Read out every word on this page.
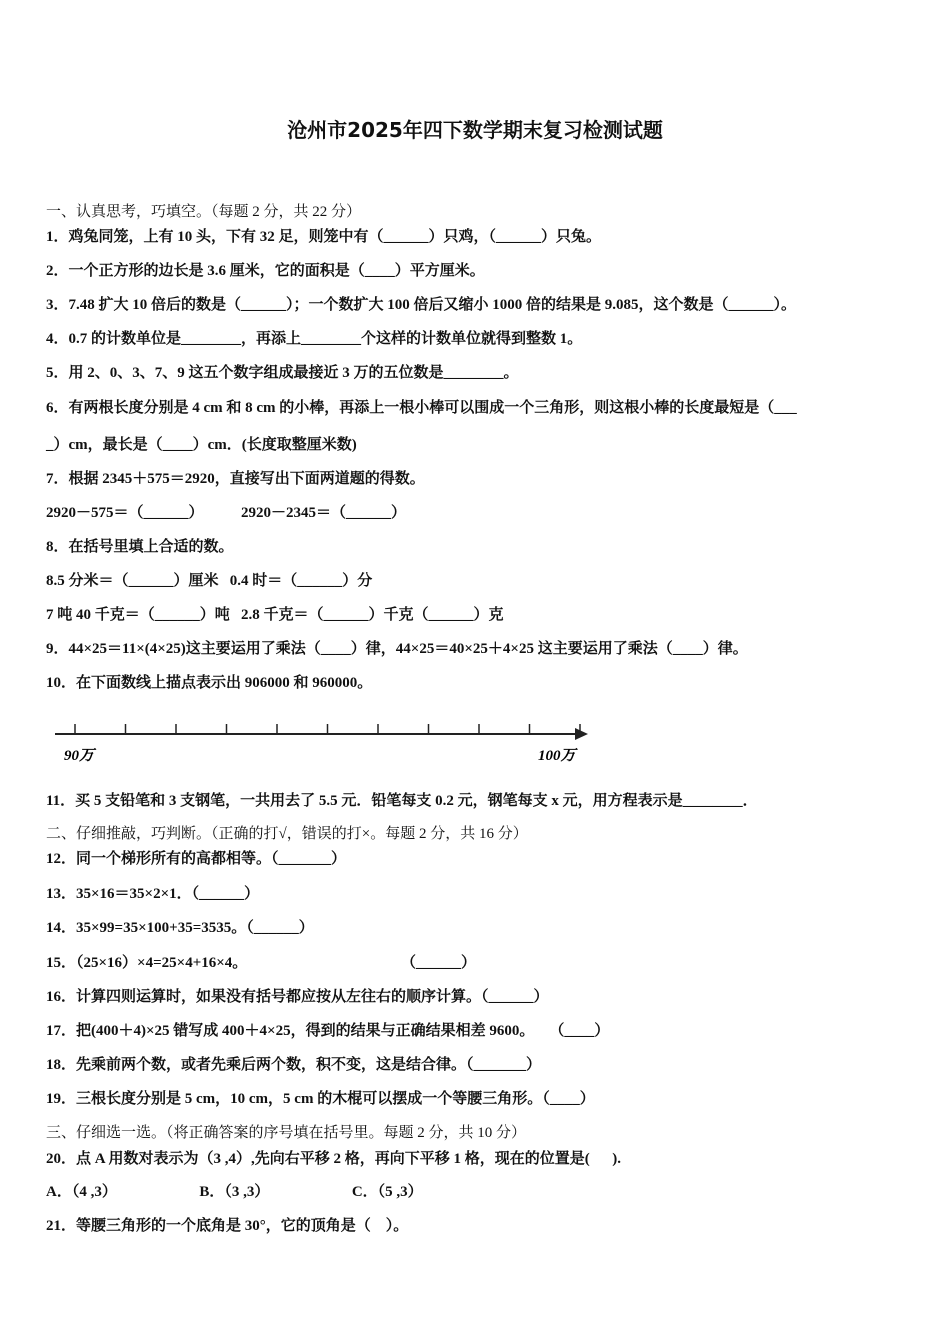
沧州市2025年四下数学期末复习检测试题
一、认真思考，巧填空。（每题 2 分，共 22 分）
1．鸡兔同笼，上有 10 头，下有 32 足，则笼中有（______）只鸡，（______）只兔。
2．一个正方形的边长是 3.6 厘米，它的面积是（____）平方厘米。
3．7.48 扩大 10 倍后的数是（______）；一个数扩大 100 倍后又缩小 1000 倍的结果是 9.085，这个数是（______）。
4．0.7 的计数单位是________，再添上________个这样的计数单位就得到整数 1。
5．用 2、0、3、7、9 这五个数字组成最接近 3 万的五位数是________。
6．有两根长度分别是 4 cm 和 8 cm 的小棒，再添上一根小棒可以围成一个三角形，则这根小棒的长度最短是（___
_）cm，最长是（____）cm．(长度取整厘米数)
7．根据 2345＋575＝2920，直接写出下面两道题的得数。
2920－575＝（______）          2920－2345＝（______）
8．在括号里填上合适的数。
8.5 分米＝（______）厘米   0.4 时＝（______）分
7 吨 40 千克＝（______）吨   2.8 千克＝（______）千克（______）克
9．44×25＝11×(4×25)这主要运用了乘法（____）律，44×25＝40×25＋4×25 这主要运用了乘法（____）律。
10．在下面数线上描点表示出 906000 和 960000。
11．买 5 支铅笔和 3 支钢笔，一共用去了 5.5 元．铅笔每支 0.2 元，钢笔每支 x 元，用方程表示是________．
二、仔细推敲，巧判断。（正确的打√，错误的打×。每题 2 分，共 16 分）
12．同一个梯形所有的高都相等。（_______）
13．35×16＝35×2×1．（______）
14．35×99=35×100+35=3535。（______）
15．（25×16）×4=25×4+16×4。                                         （______）
16．计算四则运算时，如果没有括号都应按从左往右的顺序计算。（______）
17．把(400＋4)×25 错写成 400＋4×25，得到的结果与正确结果相差 9600。    （____）
18．先乘前两个数，或者先乘后两个数，积不变，这是结合律。（_______）
19．三根长度分别是 5 cm，10 cm，5 cm 的木棍可以摆成一个等腰三角形。（____）
三、仔细选一选。（将正确答案的序号填在括号里。每题 2 分，共 10 分）
20．点 A 用数对表示为（3 ,4）,先向右平移 2 格，再向下平移 1 格，现在的位置是(      ).
A．（4 ,3）                      B．（3 ,3）                      C．（5 ,3）
21．等腰三角形的一个底角是 30°，它的顶角是（    ）。
90万	100万
